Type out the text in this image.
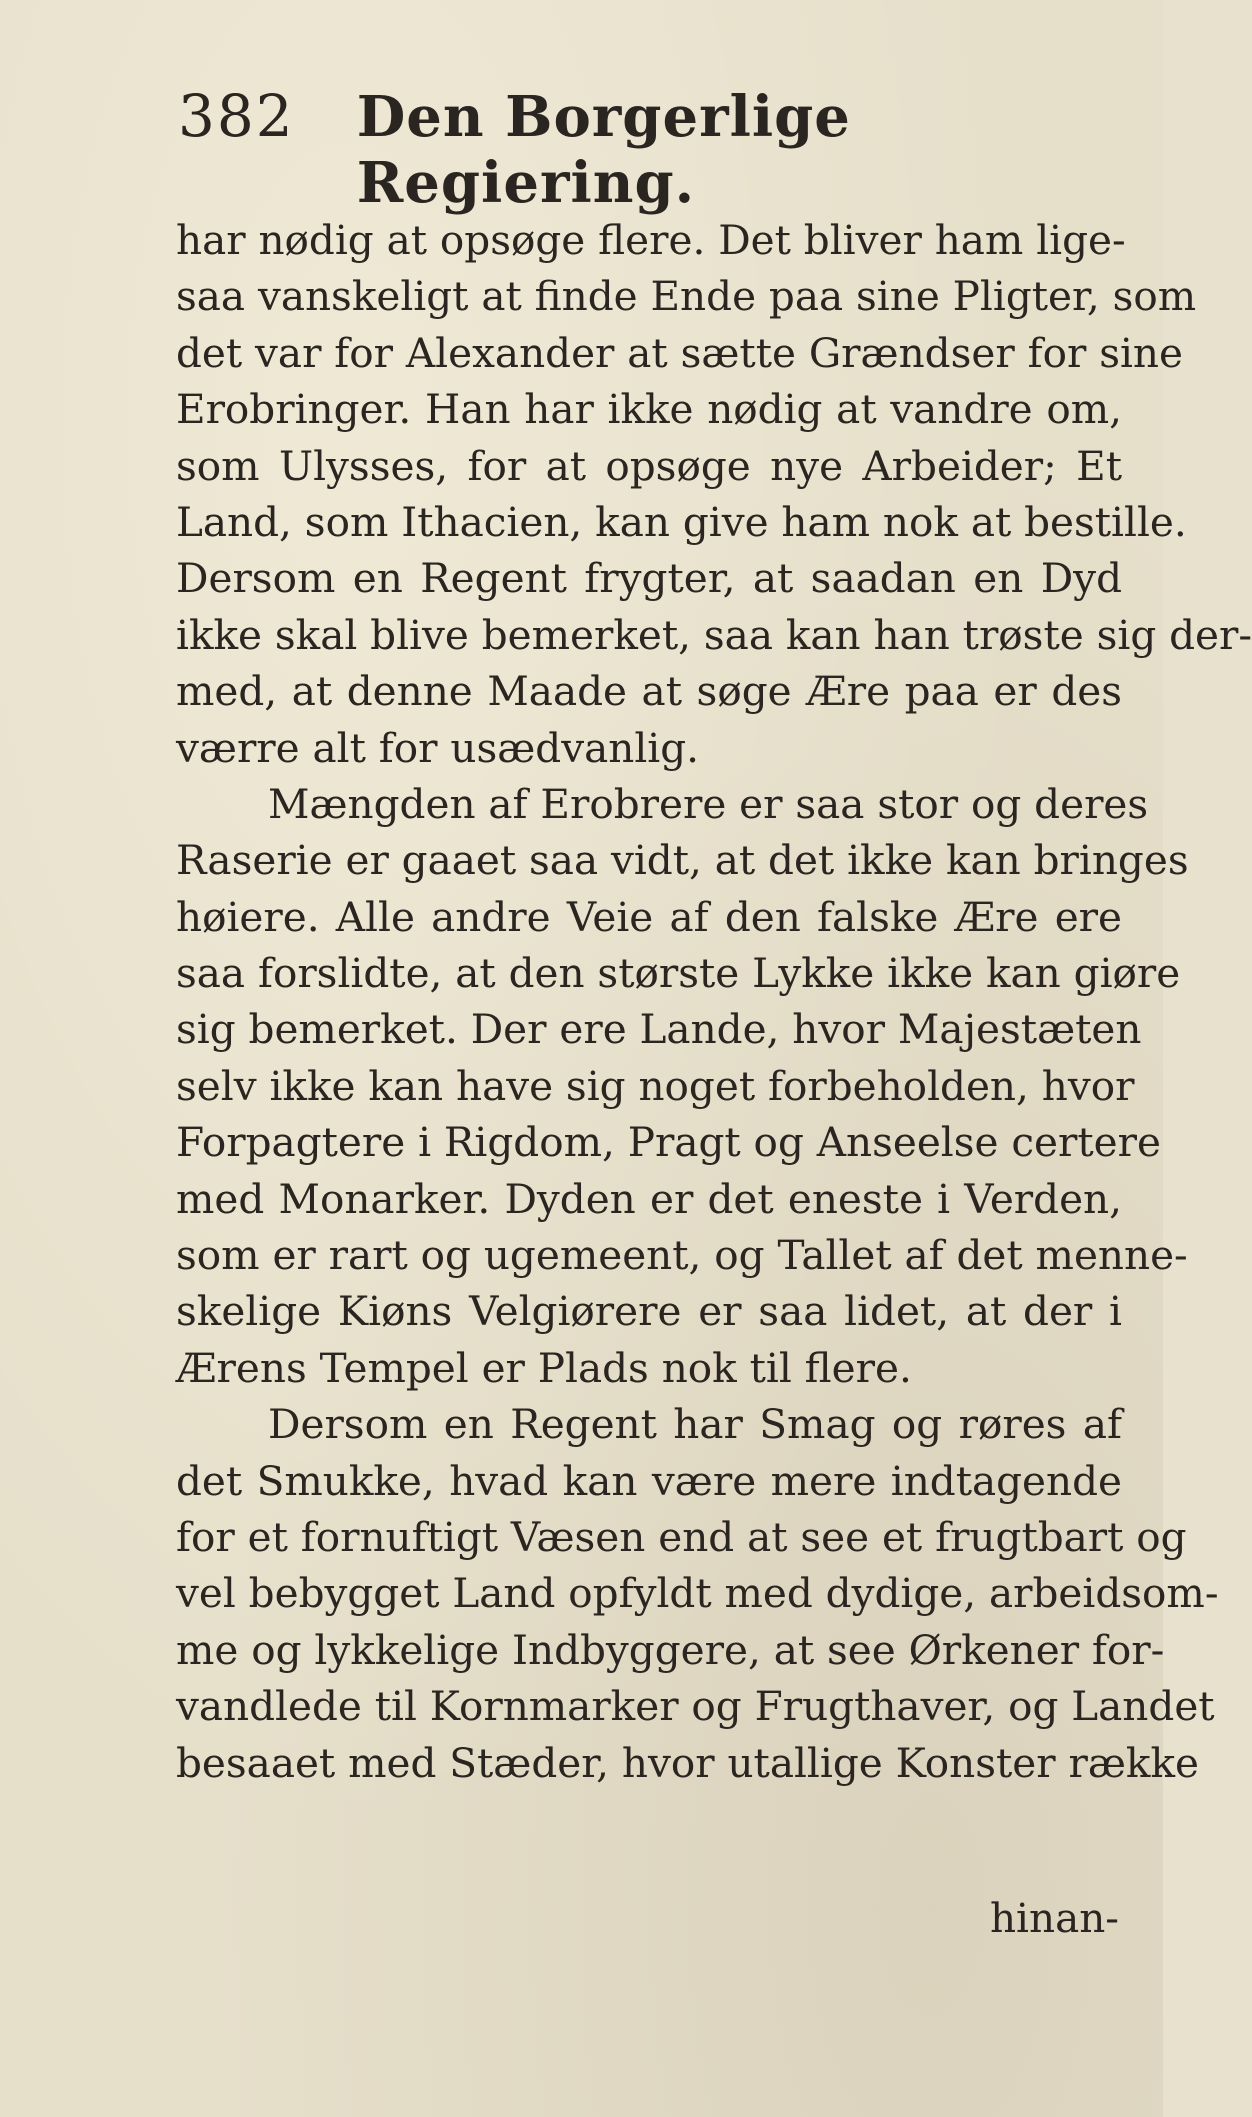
382 Den Borgerlige Regiering.
har nødig at opsøge flere. Det bliver ham lige-
saa vanskeligt at finde Ende paa sine Pligter, som
det var for Alexander at sætte Grændser for sine
Erobringer. Han har ikke nødig at vandre om,
som Ulysses, for at opsøge nye Arbeider; Et
Land, som Ithacien, kan give ham nok at bestille.
Dersom en Regent frygter, at saadan en Dyd
ikke skal blive bemerket, saa kan han trøste sig der-
med, at denne Maade at søge Ære paa er des
værre alt for usædvanlig.
Mængden af Erobrere er saa stor og deres
Raserie er gaaet saa vidt, at det ikke kan bringes
høiere. Alle andre Veie af den falske Ære ere
saa forslidte, at den største Lykke ikke kan giøre
sig bemerket. Der ere Lande, hvor Majestæten
selv ikke kan have sig noget forbeholden, hvor
Forpagtere i Rigdom, Pragt og Anseelse certere
med Monarker. Dyden er det eneste i Verden,
som er rart og ugemeent, og Tallet af det menne-
skelige Kiøns Velgiørere er saa lidet, at der i
Ærens Tempel er Plads nok til flere.
Dersom en Regent har Smag og røres af
det Smukke, hvad kan være mere indtagende
for et fornuftigt Væsen end at see et frugtbart og
vel bebygget Land opfyldt med dydige, arbeidsom-
me og lykkelige Indbyggere, at see Ørkener for-
vandlede til Kornmarker og Frugthaver, og Landet
besaaet med Stæder, hvor utallige Konster række
hinan-
